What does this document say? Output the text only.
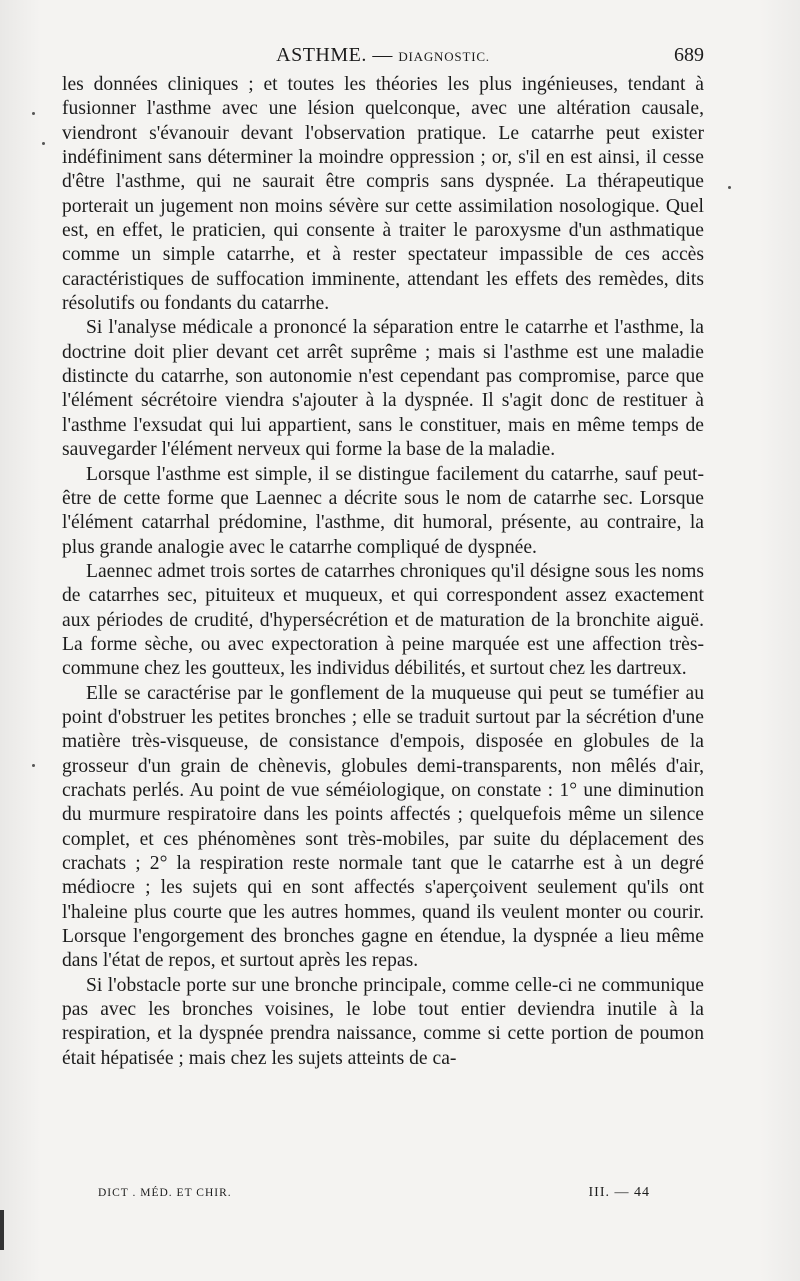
ASTHME. — DIAGNOSTIC.	689

les données cliniques ; et toutes les théories les plus ingénieuses, tendant à fusionner l'asthme avec une lésion quelconque, avec une altération causale, viendront s'évanouir devant l'observation pratique. Le catarrhe peut exister indéfiniment sans déterminer la moindre oppression ; or, s'il en est ainsi, il cesse d'être l'asthme, qui ne saurait être compris sans dyspnée. La thérapeutique porterait un jugement non moins sévère sur cette assimilation nosologique. Quel est, en effet, le praticien, qui consente à traiter le paroxysme d'un asthmatique comme un simple catarrhe, et à rester spectateur impassible de ces accès caractéristiques de suffocation imminente, attendant les effets des remèdes, dits résolutifs ou fondants du catarrhe.

Si l'analyse médicale a prononcé la séparation entre le catarrhe et l'asthme, la doctrine doit plier devant cet arrêt suprême ; mais si l'asthme est une maladie distincte du catarrhe, son autonomie n'est cependant pas compromise, parce que l'élément sécrétoire viendra s'ajouter à la dyspnée. Il s'agit donc de restituer à l'asthme l'exsudat qui lui appartient, sans le constituer, mais en même temps de sauvegarder l'élément nerveux qui forme la base de la maladie.

Lorsque l'asthme est simple, il se distingue facilement du catarrhe, sauf peut-être de cette forme que Laennec a décrite sous le nom de catarrhe sec. Lorsque l'élément catarrhal prédomine, l'asthme, dit humoral, présente, au contraire, la plus grande analogie avec le catarrhe compliqué de dyspnée.

Laennec admet trois sortes de catarrhes chroniques qu'il désigne sous les noms de catarrhes sec, pituiteux et muqueux, et qui correspondent assez exactement aux périodes de crudité, d'hypersécrétion et de maturation de la bronchite aiguë. La forme sèche, ou avec expectoration à peine marquée est une affection très-commune chez les goutteux, les individus débilités, et surtout chez les dartreux.

Elle se caractérise par le gonflement de la muqueuse qui peut se tuméfier au point d'obstruer les petites bronches ; elle se traduit surtout par la sécrétion d'une matière très-visqueuse, de consistance d'empois, disposée en globules de la grosseur d'un grain de chènevis, globules demi-transparents, non mêlés d'air, crachats perlés. Au point de vue séméiologique, on constate : 1° une diminution du murmure respiratoire dans les points affectés ; quelquefois même un silence complet, et ces phénomènes sont très-mobiles, par suite du déplacement des crachats ; 2° la respiration reste normale tant que le catarrhe est à un degré médiocre ; les sujets qui en sont affectés s'aperçoivent seulement qu'ils ont l'haleine plus courte que les autres hommes, quand ils veulent monter ou courir. Lorsque l'engorgement des bronches gagne en étendue, la dyspnée a lieu même dans l'état de repos, et surtout après les repas.

Si l'obstacle porte sur une bronche principale, comme celle-ci ne communique pas avec les bronches voisines, le lobe tout entier deviendra inutile à la respiration, et la dyspnée prendra naissance, comme si cette portion de poumon était hépatisée ; mais chez les sujets atteints de ca-

DICT . MÉD. ET CHIR.	III. — 44
